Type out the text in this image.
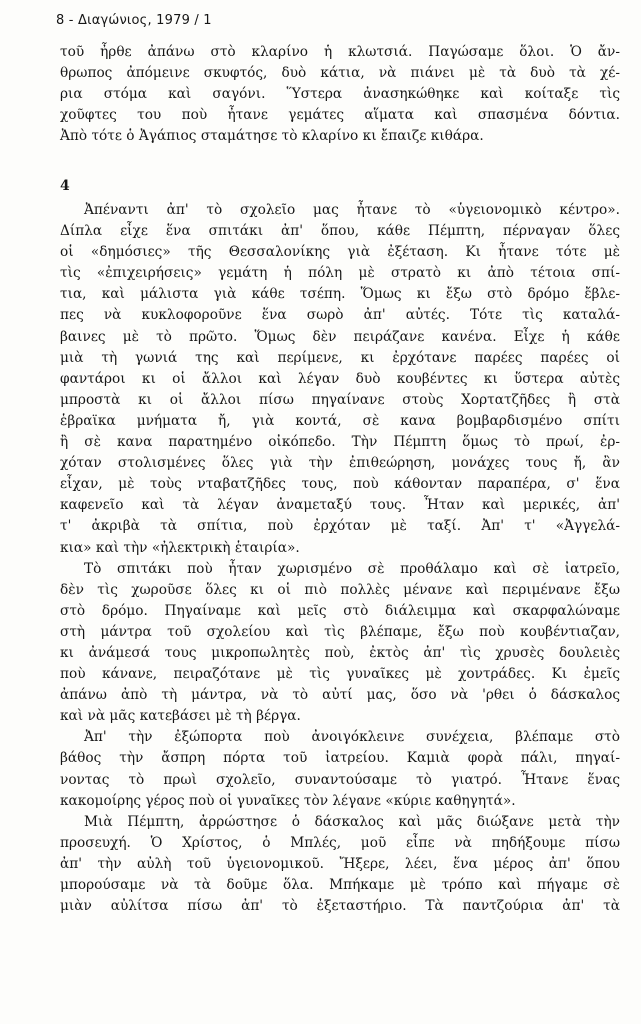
8 - Διαγώνιος, 1979 / 1
τοῦ ἦρθε ἀπάνω στὸ κλαρίνο ἡ κλωτσιά. Παγώσαμε ὅλοι. Ὁ ἄν-
θρωπος ἀπόμεινε σκυφτός, δυὸ κάτια, νὰ πιάνει μὲ τὰ δυὸ τὰ χέ-
ρια στόμα καὶ σαγόνι. Ὕστερα ἀνασηκώθηκε καὶ κοίταξε τὶς
χοῦφτες του ποὺ ἦτανε γεμάτες αἵματα καὶ σπασμένα δόντια.
Ἀπὸ τότε ὁ Ἀγάπιος σταμάτησε τὸ κλαρίνο κι ἔπαιζε κιθάρα.
4
Ἀπέναντι ἀπ' τὸ σχολεῖο μας ἦτανε τὸ «ὑγειονομικὸ κέντρο».
Δίπλα εἶχε ἕνα σπιτάκι ἀπ' ὅπου, κάθε Πέμπτη, πέρναγαν ὅλες
οἱ «δημόσιες» τῆς Θεσσαλονίκης γιὰ ἐξέταση. Κι ἦτανε τότε μὲ
τὶς «ἐπιχειρήσεις» γεμάτη ἡ πόλη μὲ στρατὸ κι ἀπὸ τέτοια σπί-
τια, καὶ μάλιστα γιὰ κάθε τσέπη. Ὅμως κι ἔξω στὸ δρόμο ἔβλε-
πες νὰ κυκλοφοροῦνε ἕνα σωρὸ ἀπ' αὐτές. Τότε τὶς καταλά-
βαινες μὲ τὸ πρῶτο. Ὅμως δὲν πειράζανε κανένα. Εἶχε ἡ κάθε
μιὰ τὴ γωνιά της καὶ περίμενε, κι ἐρχότανε παρέες παρέες οἱ
φαντάροι κι οἱ ἄλλοι καὶ λέγαν δυὸ κουβέντες κι ὕστερα αὐτὲς
μπροστὰ κι οἱ ἄλλοι πίσω πηγαίνανε στοὺς Χορτατζῆδες ἢ στὰ
ἑβραϊκα μνήματα ἤ, γιὰ κοντά, σὲ κανα βομβαρδισμένο σπίτι
ἢ σὲ κανα παρατημένο οἰκόπεδο. Τὴν Πέμπτη ὅμως τὸ πρωί, ἐρ-
χόταν στολισμένες ὅλες γιὰ τὴν ἐπιθεώρηση, μονάχες τους ἤ, ἂν
εἶχαν, μὲ τοὺς νταβατζῆδες τους, ποὺ κάθονταν παραπέρα, σ' ἕνα
καφενεῖο καὶ τὰ λέγαν ἀναμεταξύ τους. Ἦταν καὶ μερικές, ἀπ'
τ' ἀκριβὰ τὰ σπίτια, ποὺ ἐρχόταν μὲ ταξί. Ἀπ' τ' «Ἀγγελά-
κια» καὶ τὴν «ἠλεκτρικὴ ἑταιρία».
Τὸ σπιτάκι ποὺ ἦταν χωρισμένο σὲ προθάλαμο καὶ σὲ ἰατρεῖο,
δὲν τὶς χωροῦσε ὅλες κι οἱ πιὸ πολλὲς μένανε καὶ περιμένανε ἔξω
στὸ δρόμο. Πηγαίναμε καὶ μεῖς στὸ διάλειμμα καὶ σκαρφαλώναμε
στὴ μάντρα τοῦ σχολείου καὶ τὶς βλέπαμε, ἔξω ποὺ κουβέντιαζαν,
κι ἀνάμεσά τους μικροπωλητὲς ποὺ, ἐκτὸς ἀπ' τὶς χρυσὲς δουλειὲς
ποὺ κάνανε, πειραζότανε μὲ τὶς γυναῖκες μὲ χοντράδες. Κι ἐμεῖς
ἀπάνω ἀπὸ τὴ μάντρα, νὰ τὸ αὐτί μας, ὅσο νὰ 'ρθει ὁ δάσκαλος
καὶ νὰ μᾶς κατεβάσει μὲ τὴ βέργα.
Ἀπ' τὴν ἐξώπορτα ποὺ ἀνοιγόκλεινε συνέχεια, βλέπαμε στὸ
βάθος τὴν ἄσπρη πόρτα τοῦ ἰατρείου. Καμιὰ φορὰ πάλι, πηγαί-
νοντας τὸ πρωὶ σχολεῖο, συναντούσαμε τὸ γιατρό. Ἦτανε ἕνας
κακομοίρης γέρος ποὺ οἱ γυναῖκες τὸν λέγανε «κύριε καθηγητά».
Μιὰ Πέμπτη, ἀρρώστησε ὁ δάσκαλος καὶ μᾶς διώξανε μετὰ τὴν
προσευχή. Ὁ Χρίστος, ὁ Μπλές, μοῦ εἶπε νὰ πηδήξουμε πίσω
ἀπ' τὴν αὐλὴ τοῦ ὑγειονομικοῦ. Ἤξερε, λέει, ἕνα μέρος ἀπ' ὅπου
μπορούσαμε νὰ τὰ δοῦμε ὅλα. Μπήκαμε μὲ τρόπο καὶ πήγαμε σὲ
μιὰν αὐλίτσα πίσω ἀπ' τὸ ἐξεταστήριο. Τὰ παντζούρια ἀπ' τὰ
